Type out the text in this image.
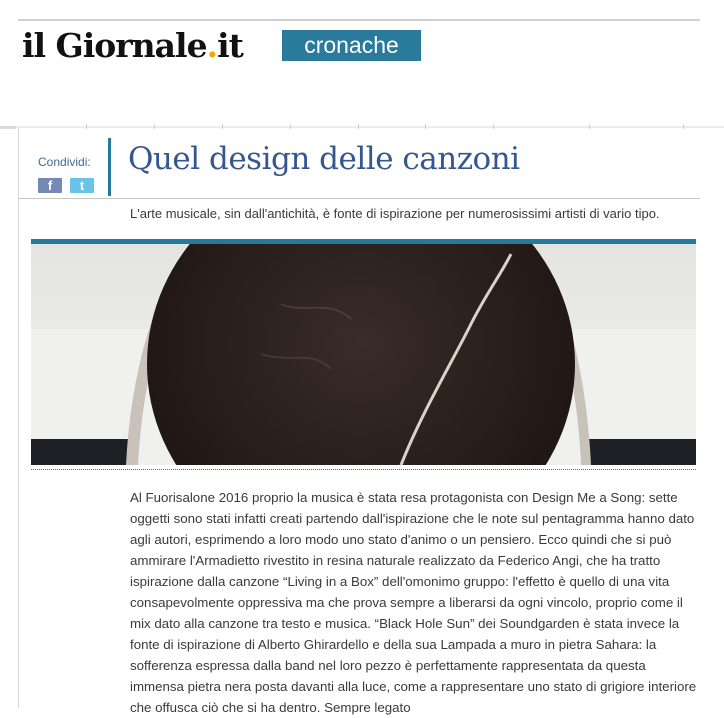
il Giornale.it	cronache
Condividi:
f	t
Quel design delle canzoni

L'arte musicale, sin dall'antichità, è fonte di ispirazione per numerosissimi artisti di vario tipo.

Al Fuorisalone 2016 proprio la musica è stata resa protagonista con Design Me a Song: sette oggetti sono stati infatti creati partendo dall'ispirazione che le note sul pentagramma hanno dato agli autori, esprimendo a loro modo uno stato d'animo o un pensiero. Ecco quindi che si può ammirare l'Armadietto rivestito in resina naturale realizzato da Federico Angi, che ha tratto ispirazione dalla canzone “Living in a Box” dell'omonimo gruppo: l'effetto è quello di una vita consapevolmente oppressiva ma che prova sempre a liberarsi da ogni vincolo, proprio come il mix dato alla canzone tra testo e musica. “Black Hole Sun” dei Soundgarden è stata invece la fonte di ispirazione di Alberto Ghirardello e della sua Lampada a muro in pietra Sahara: la sofferenza espressa dalla band nel loro pezzo è perfettamente rappresentata da questa immensa pietra nera posta davanti alla luce, come a rappresentare uno stato di grigiore interiore che offusca ciò che si ha dentro. Sempre legato
